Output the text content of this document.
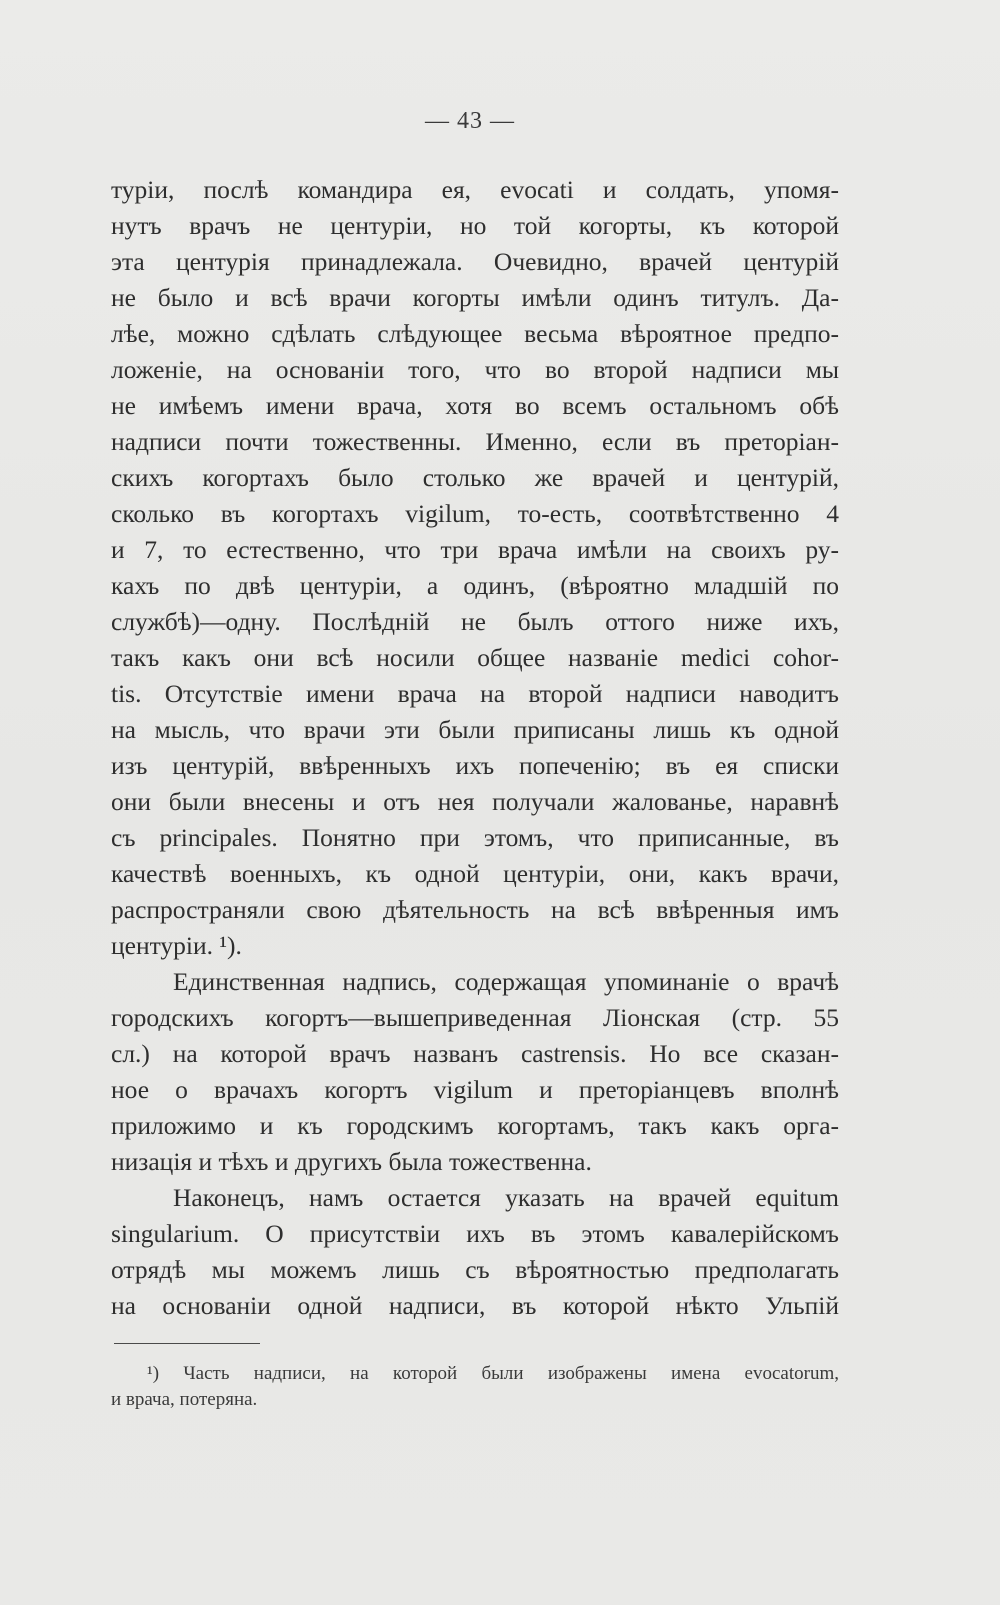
— 43 —
турiи, послѣ командира ея, evocati и солдать, упомя-
нутъ врачъ не центурiи, но той когорты, къ которой
эта центурiя принадлежала. Очевидно, врачей центурiй
не было и всѣ врачи когорты имѣли одинъ титулъ. Да-
лѣе, можно сдѣлать слѣдующее весьма вѣроятное предпо-
ложенiе, на основанiи того, что во второй надписи мы
не имѣемъ имени врача, хотя во всемъ остальномъ обѣ
надписи почти тожественны. Именно, если въ преторiан-
скихъ когортахъ было столько же врачей и центурiй,
сколько въ когортахъ vigilum, то-есть, соотвѣтственно 4
и 7, то естественно, что три врача имѣли на своихъ ру-
кахъ по двѣ центурiи, а одинъ, (вѣроятно младшiй по
службѣ)—одну. Послѣднiй не былъ оттого ниже ихъ,
такъ какъ они всѣ носили общее названiе medici cohor-
tis. Отсутствiе имени врача на второй надписи наводитъ
на мысль, что врачи эти были приписаны лишь къ одной
изъ центурiй, ввѣренныхъ ихъ попеченiю; въ ея списки
они были внесены и отъ нея получали жалованье, наравнѣ
съ principales. Понятно при этомъ, что приписанные, въ
качествѣ военныхъ, къ одной центурiи, они, какъ врачи,
распространяли свою дѣятельность на всѣ ввѣренныя имъ
центурiи. ¹).
Единственная надпись, содержащая упоминанiе о врачѣ
городскихъ когортъ—вышеприведенная Лiонская (стр. 55
сл.) на которой врачъ названъ castrensis. Но все сказан-
ное о врачахъ когортъ vigilum и преторiанцевъ вполнѣ
приложимо и къ городскимъ когортамъ, такъ какъ орга-
низацiя и тѣхъ и другихъ была тожественна.
Наконецъ, намъ остается указать на врачей equitum
singularium. О присутствiи ихъ въ этомъ кавалерiйскомъ
отрядѣ мы можемъ лишь съ вѣроятностью предполагать
на основанiи одной надписи, въ которой нѣкто Ульпiй
¹) Часть надписи, на которой были изображены имена evocatorum,
и врача, потеряна.
